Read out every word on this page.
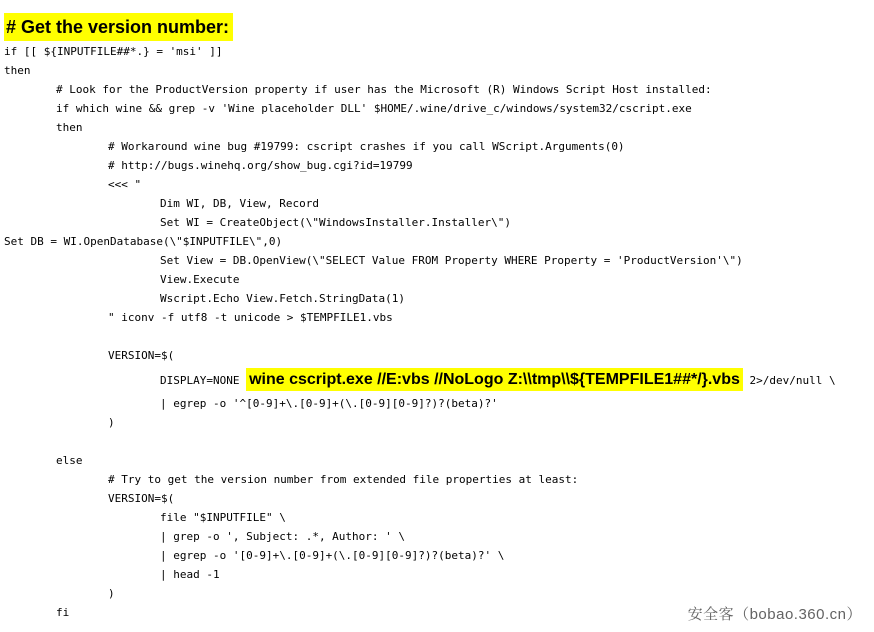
# Get the version number:
if [[ ${INPUTFILE##*.} = 'msi' ]]
then
# Look for the ProductVersion property if user has the Microsoft (R) Windows Script Host installed:
if which wine && grep -v 'Wine placeholder DLL' $HOME/.wine/drive_c/windows/system32/cscript.exe
then
# Workaround wine bug #19799: cscript crashes if you call WScript.Arguments(0)
# http://bugs.winehq.org/show_bug.cgi?id=19799
<<< "
Dim WI, DB, View, Record
Set WI = CreateObject(\"WindowsInstaller.Installer\")
Set DB = WI.OpenDatabase(\"$INPUTFILE\",0)
Set View = DB.OpenView(\"SELECT Value FROM Property WHERE Property = 'ProductVersion'\")
View.Execute
Wscript.Echo View.Fetch.StringData(1)
" iconv -f utf8 -t unicode > $TEMPFILE1.vbs
VERSION=$(
DISPLAY=NONE wine cscript.exe //E:vbs //NoLogo Z:\\tmp\\${TEMPFILE1##*/}.vbs 2>/dev/null \
| egrep -o '^[0-9]+\.[0-9]+(\.[0-9][0-9]?)?(beta)?'
)
else
# Try to get the version number from extended file properties at least:
VERSION=$(
file "$INPUTFILE" \
| grep -o ', Subject: .*, Author: ' \
| egrep -o '[0-9]+\.[0-9]+(\.[0-9][0-9]?)?(beta)?' \
| head -1
)
fi	安全客（bobao.360.cn）
